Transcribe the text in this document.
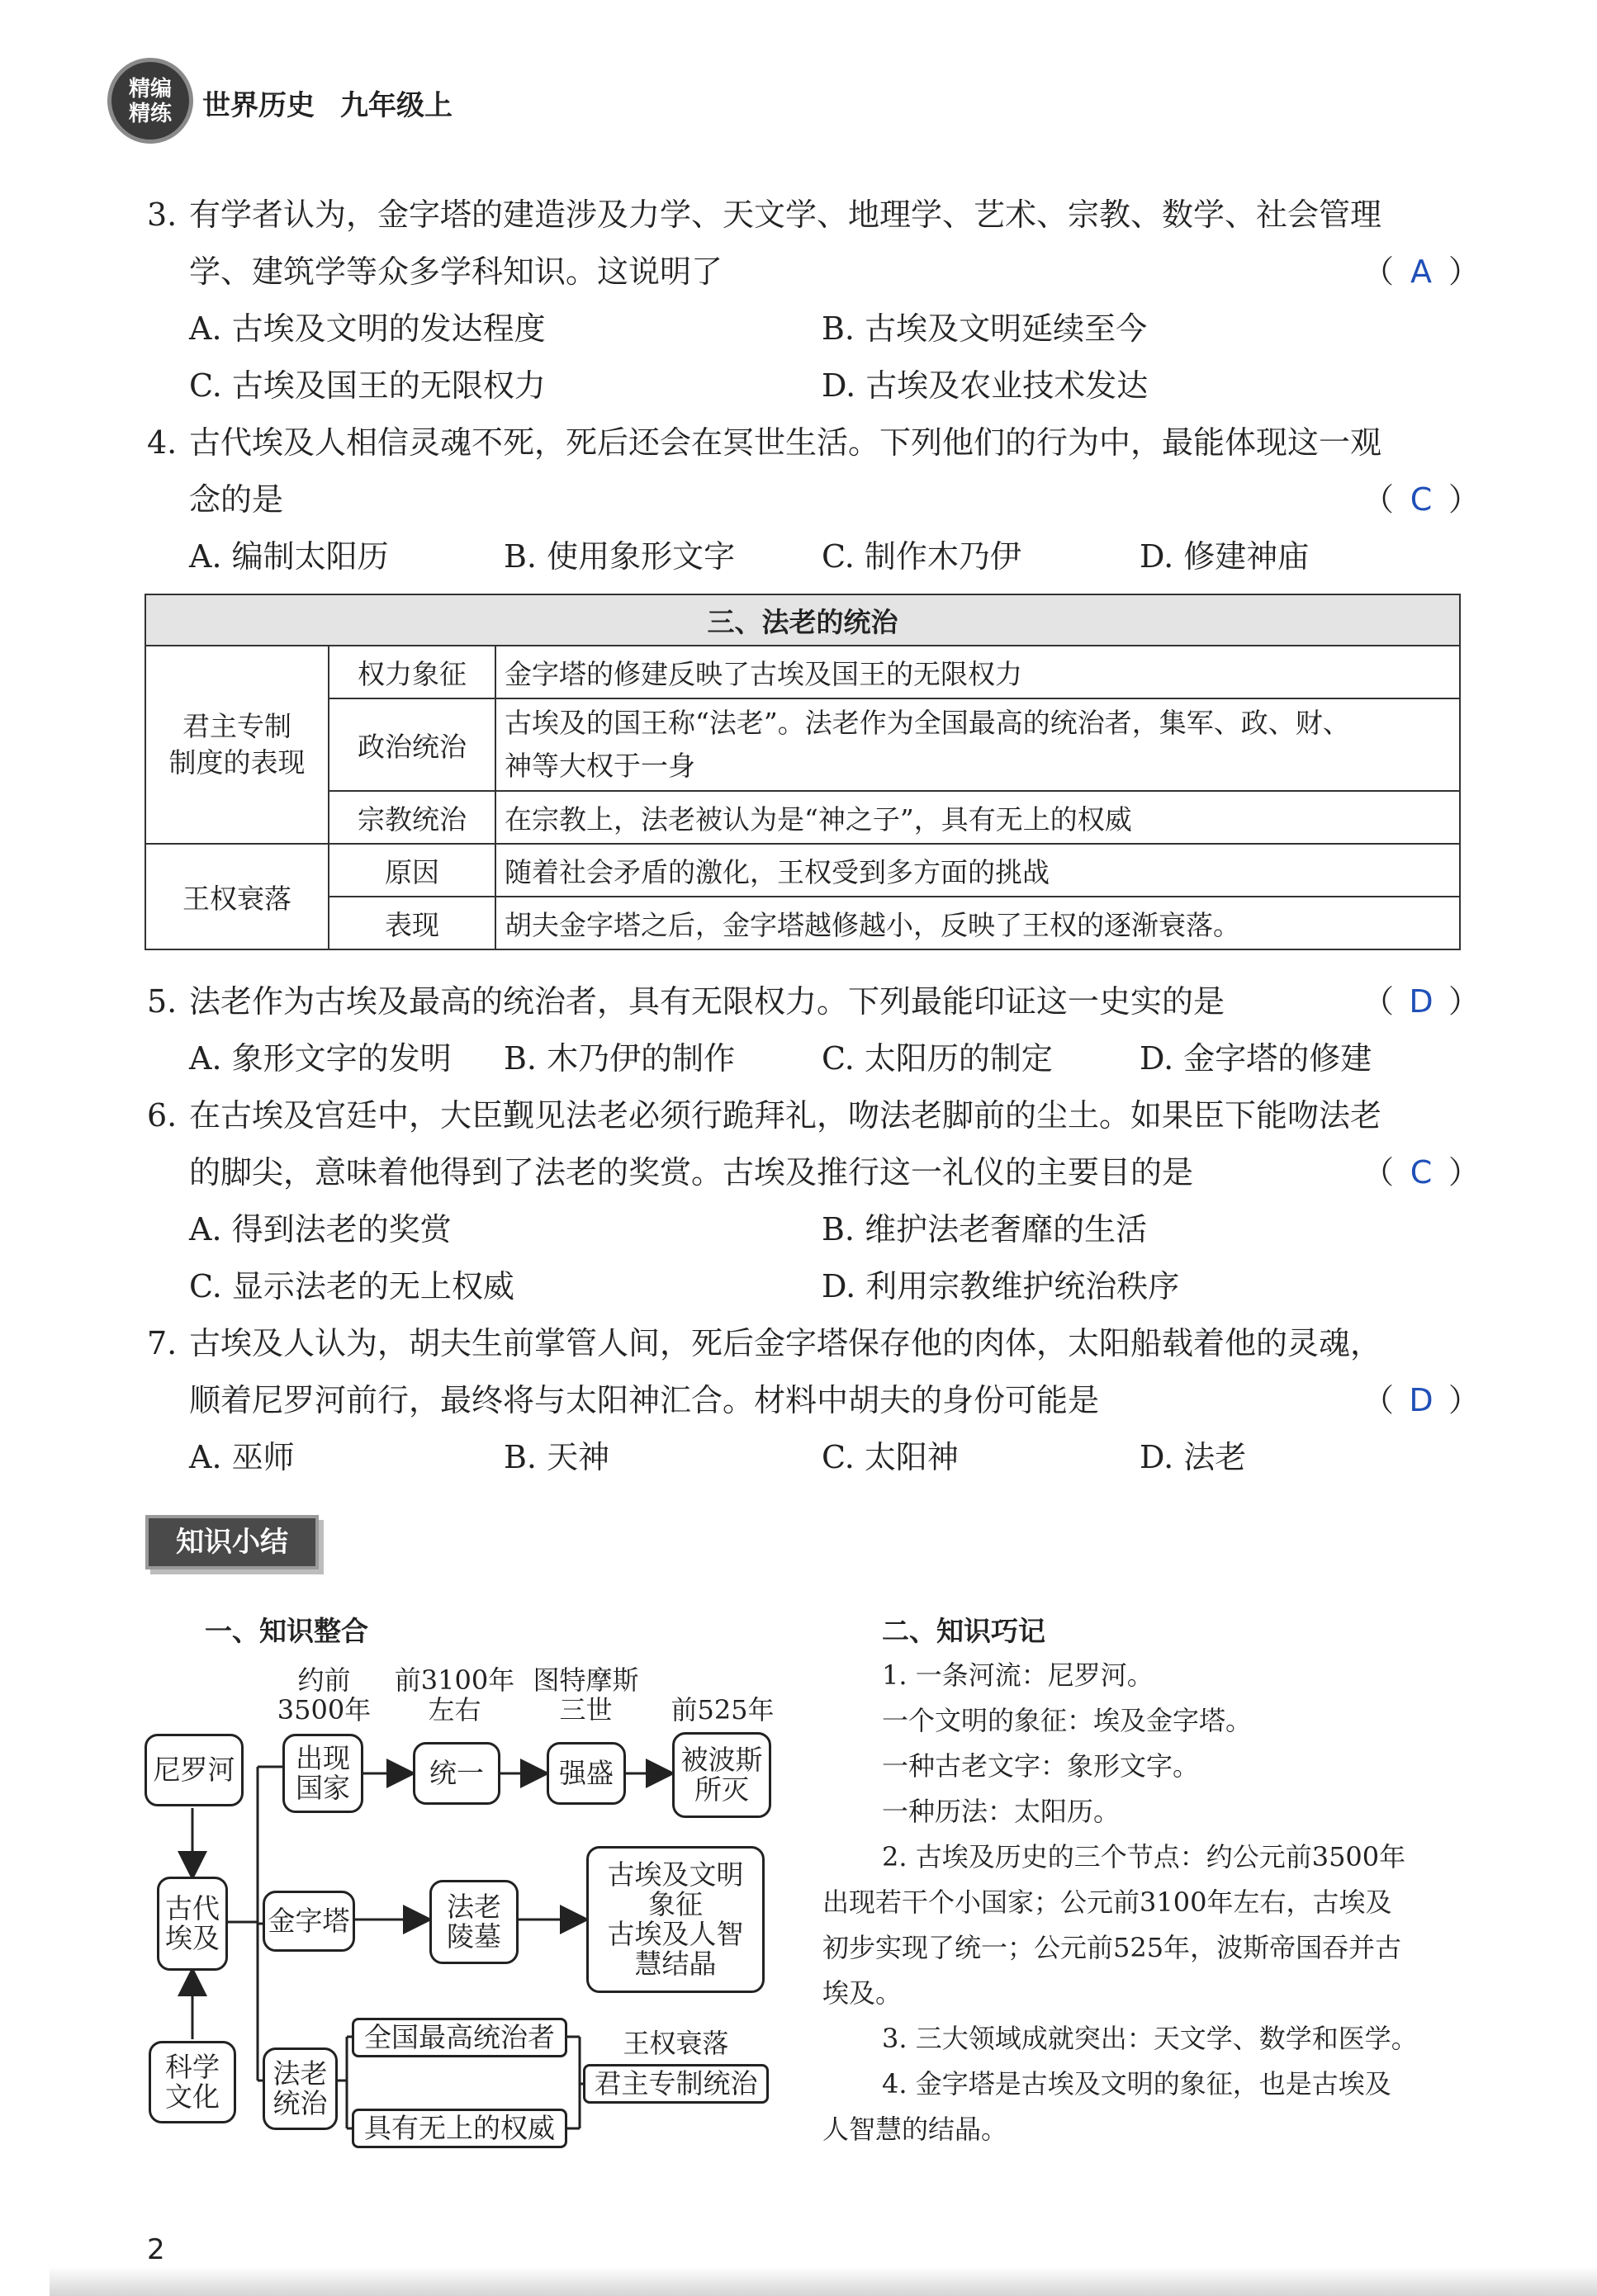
精编
精练	世界历史 九年级上
3. 有学者认为，金字塔的建造涉及力学、天文学、地理学、艺术、宗教、数学、社会管理
学、建筑学等众多学科知识。这说明了	（ A ）
A. 古埃及文明的发达程度	B. 古埃及文明延续至今
C. 古埃及国王的无限权力	D. 古埃及农业技术发达
4. 古代埃及人相信灵魂不死，死后还会在冥世生活。下列他们的行为中，最能体现这一观
念的是	（ C ）
A. 编制太阳历	B. 使用象形文字	C. 制作木乃伊	D. 修建神庙
三、法老的统治		
君主专制
制度的表现	权力象征	金字塔的修建反映了古埃及国王的无限权力
	政治统治	古埃及的国王称“法老”。法老作为全国最高的统治者，集军、政、财、
神等大权于一身

	宗教统治	在宗教上，法老被认为是“神之子”，具有无上的权威
王权衰落	原因	随着社会矛盾的激化，王权受到多方面的挑战
	表现	胡夫金字塔之后，金字塔越修越小，反映了王权的逐渐衰落。
5. 法老作为古埃及最高的统治者，具有无限权力。下列最能印证这一史实的是	（ D ）
A. 象形文字的发明 B. 木乃伊的制作	C. 太阳历的制定	D. 金字塔的修建
6. 在古埃及宫廷中，大臣觐见法老必须行跪拜礼，吻法老脚前的尘土。如果臣下能吻法老
的脚尖，意味着他得到了法老的奖赏。古埃及推行这一礼仪的主要目的是	（ C ）
A. 得到法老的奖赏	B. 维护法老奢靡的生活
C. 显示法老的无上权威	D. 利用宗教维护统治秩序
7. 古埃及人认为，胡夫生前掌管人间，死后金字塔保存他的肉体，太阳船载着他的灵魂，
顺着尼罗河前行，最终将与太阳神汇合。材料中胡夫的身份可能是	（ D ）
A. 巫师	B. 天神	C. 太阳神	D. 法老
知识小结
一、知识整合	二、知识巧记
约前
3500年
前3100年
左右
图特摩斯
三世	前525年
尼罗河
古代
埃及
科学
文化
出现
国家	统一	强盛	被波斯
所灭
金字塔	法老
陵墓
古埃及文明
象征
古埃及人智
慧结晶
法老
统治
全国最高统治者
具有无上的权威
王权衰落
君主专制统治
1. 一条河流：尼罗河。
一个文明的象征：埃及金字塔。
一种古老文字：象形文字。
一种历法：太阳历。
2. 古埃及历史的三个节点：约公元前3500年
出现若干个小国家；公元前3100年左右，古埃及
初步实现了统一；公元前525年，波斯帝国吞并古
埃及。
3. 三大领域成就突出：天文学、数学和医学。
4. 金字塔是古埃及文明的象征，也是古埃及
人智慧的结晶。
2
